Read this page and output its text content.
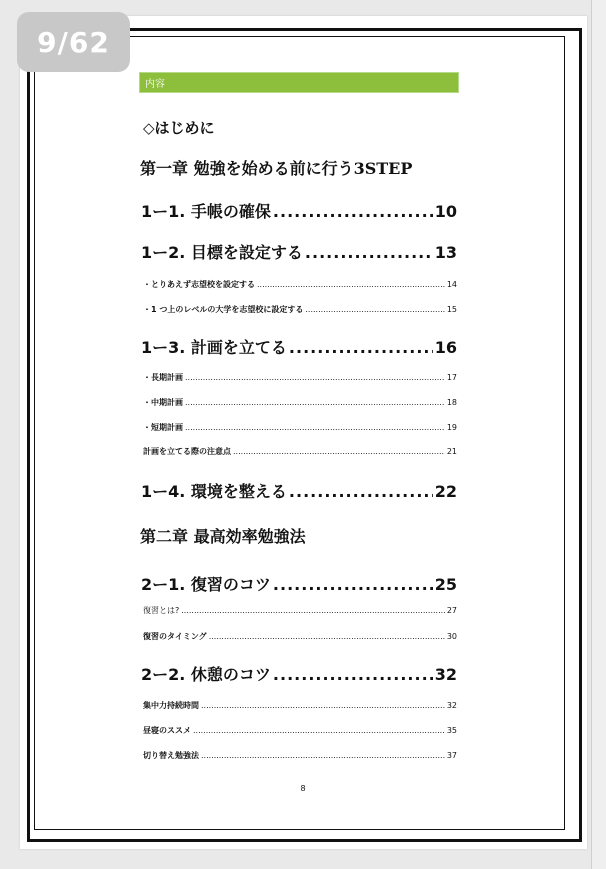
9/62
内容
◇はじめに
第一章 勉強を始める前に行う3STEP
1ー1. 手帳の確保 .....	10
1ー2. 目標を設定する .....	13
・とりあえず志望校を設定する .....	14
・1 つ上のレベルの大学を志望校に設定する .....	15
1ー3. 計画を立てる .....	16
・長期計画 .....	17
・中期計画 .....	18
・短期計画 .....	19
計画を立てる際の注意点 .....	21
1ー4. 環境を整える .....	22
第二章 最高効率勉強法
2ー1. 復習のコツ .....	25
復習とは? .....	27
復習のタイミング .....	30
2ー2. 休憩のコツ .....	32
集中力持続時間 .....	32
昼寝のススメ .....	35
切り替え勉強法 .....	37
8
